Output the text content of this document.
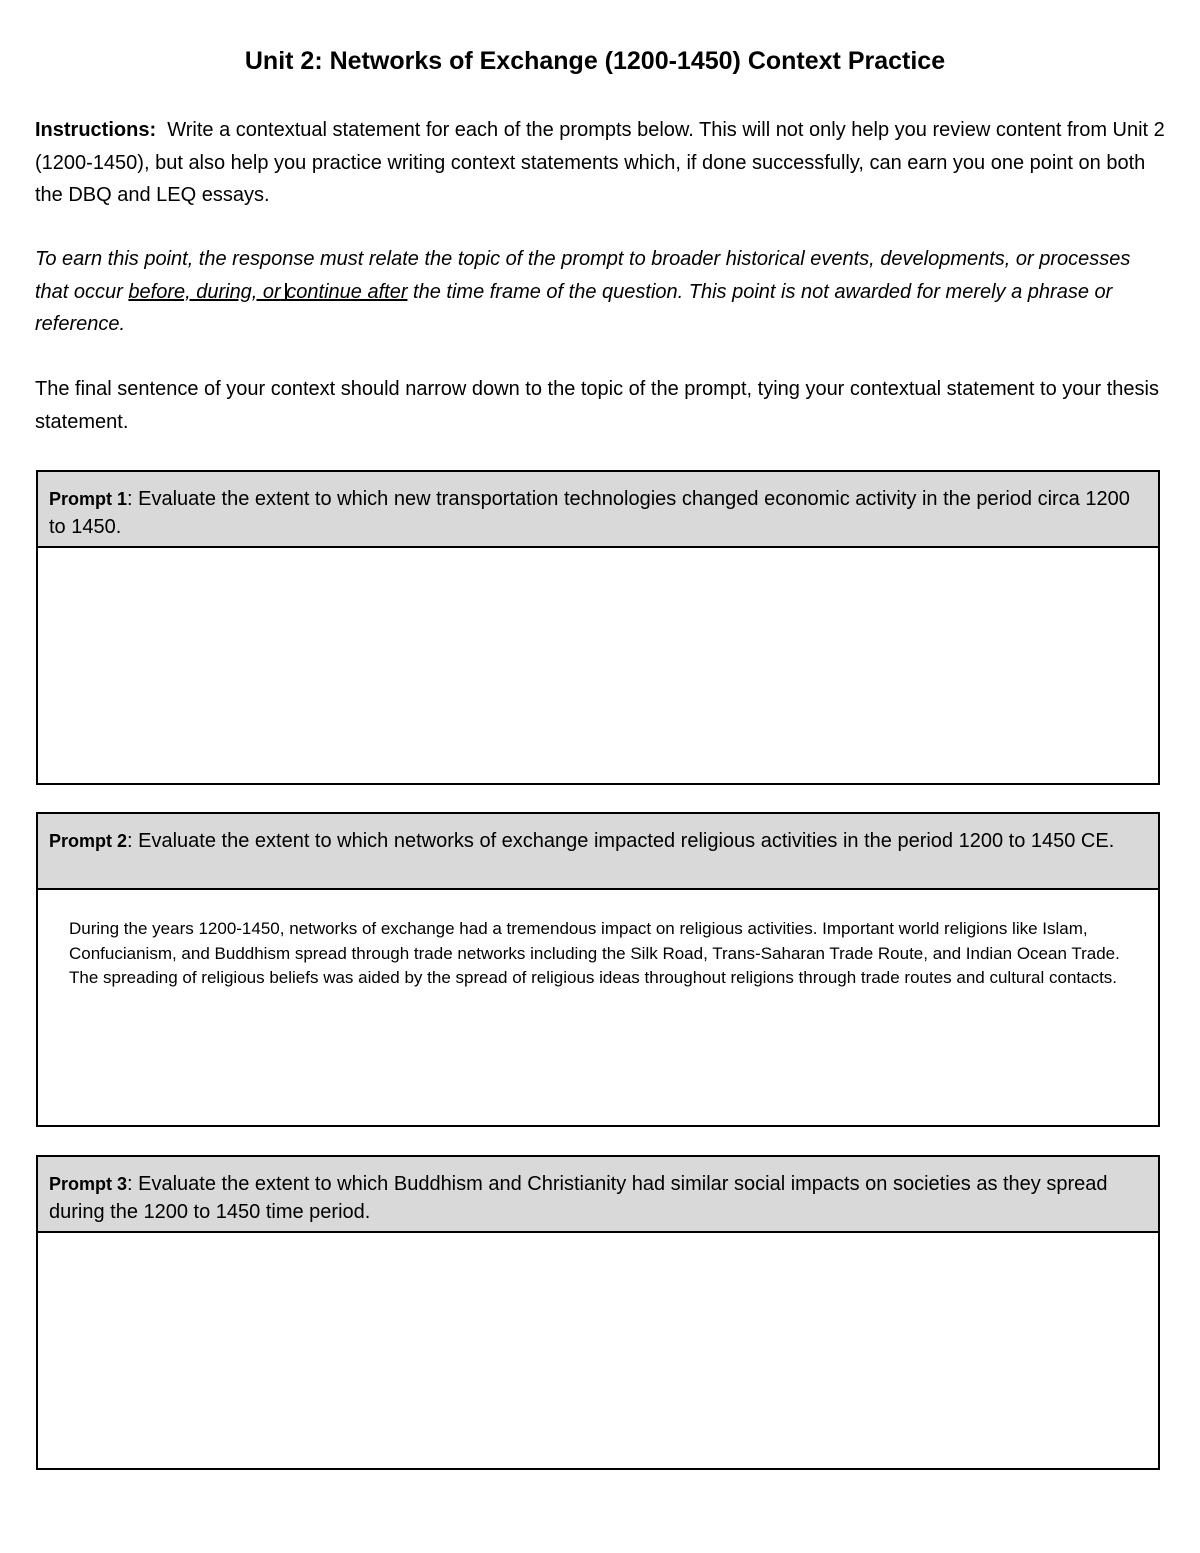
Unit 2: Networks of Exchange (1200-1450) Context Practice
Instructions: Write a contextual statement for each of the prompts below. This will not only help you review content from Unit 2 (1200-1450), but also help you practice writing context statements which, if done successfully, can earn you one point on both the DBQ and LEQ essays.
To earn this point, the response must relate the topic of the prompt to broader historical events, developments, or processes that occur before, during, or continue after the time frame of the question. This point is not awarded for merely a phrase or reference.
The final sentence of your context should narrow down to the topic of the prompt, tying your contextual statement to your thesis statement.
Prompt 1: Evaluate the extent to which new transportation technologies changed economic activity in the period circa 1200 to 1450.
Prompt 2: Evaluate the extent to which networks of exchange impacted religious activities in the period 1200 to 1450 CE.
During the years 1200-1450, networks of exchange had a tremendous impact on religious activities. Important world religions like Islam, Confucianism, and Buddhism spread through trade networks including the Silk Road, Trans-Saharan Trade Route, and Indian Ocean Trade. The spreading of religious beliefs was aided by the spread of religious ideas throughout religions through trade routes and cultural contacts.
Prompt 3: Evaluate the extent to which Buddhism and Christianity had similar social impacts on societies as they spread during the 1200 to 1450 time period.
